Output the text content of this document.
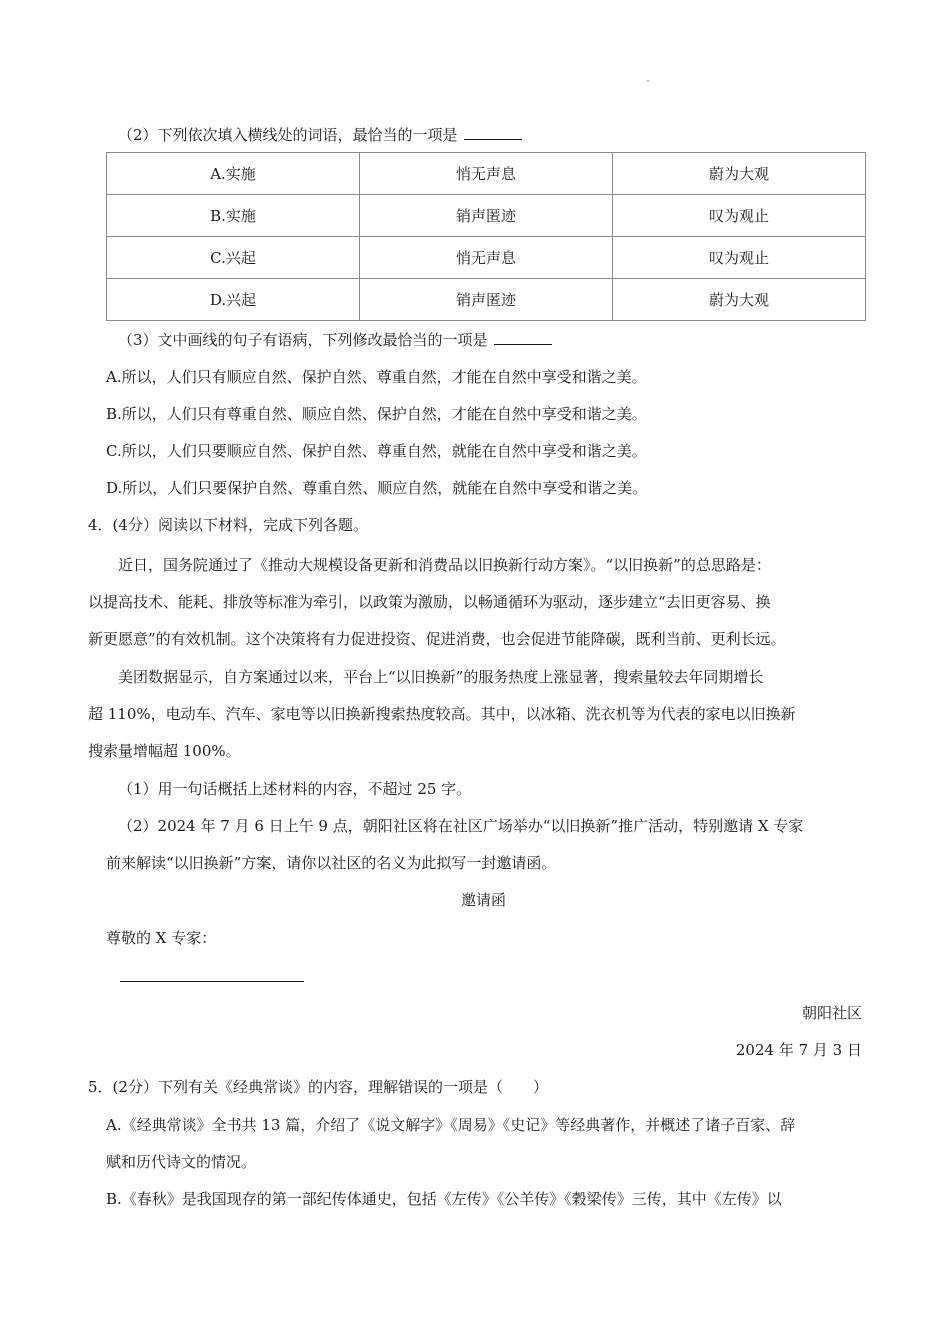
（2）下列依次填入横线处的词语，最恰当的一项是
A.实施	悄无声息	蔚为大观
B.实施	销声匿迹	叹为观止
C.兴起	悄无声息	叹为观止
D.兴起	销声匿迹	蔚为大观
（3）文中画线的句子有语病，下列修改最恰当的一项是
A.所以，人们只有顺应自然、保护自然、尊重自然，才能在自然中享受和谐之美。
B.所以，人们只有尊重自然、顺应自然、保护自然，才能在自然中享受和谐之美。
C.所以，人们只要顺应自然、保护自然、尊重自然，就能在自然中享受和谐之美。
D.所以，人们只要保护自然、尊重自然、顺应自然，就能在自然中享受和谐之美。
4．(4分）阅读以下材料，完成下列各题。
近日，国务院通过了《推动大规模设备更新和消费品以旧换新行动方案》。“以旧换新”的总思路是：
以提高技术、能耗、排放等标准为牵引，以政策为激励，以畅通循环为驱动，逐步建立“去旧更容易、换
新更愿意”的有效机制。这个决策将有力促进投资、促进消费，也会促进节能降碳，既利当前、更利长远。
美团数据显示，自方案通过以来，平台上“以旧换新”的服务热度上涨显著，搜索量较去年同期增长
超 110%，电动车、汽车、家电等以旧换新搜索热度较高。其中，以冰箱、洗衣机等为代表的家电以旧换新
搜索量增幅超 100%。
（1）用一句话概括上述材料的内容，不超过 25 字。
（2）2024 年 7 月 6 日上午 9 点，朝阳社区将在社区广场举办“以旧换新”推广活动，特别邀请 X 专家
前来解读“以旧换新”方案，请你以社区的名义为此拟写一封邀请函。
邀请函
尊敬的 X 专家：
朝阳社区
2024 年 7 月 3 日
5．(2分）下列有关《经典常谈》的内容，理解错误的一项是（　　）
A.《经典常谈》全书共 13 篇，介绍了《说文解字》《周易》《史记》等经典著作，并概述了诸子百家、辞
赋和历代诗文的情况。
B.《春秋》是我国现存的第一部纪传体通史，包括《左传》《公羊传》《穀梁传》三传，其中《左传》以
